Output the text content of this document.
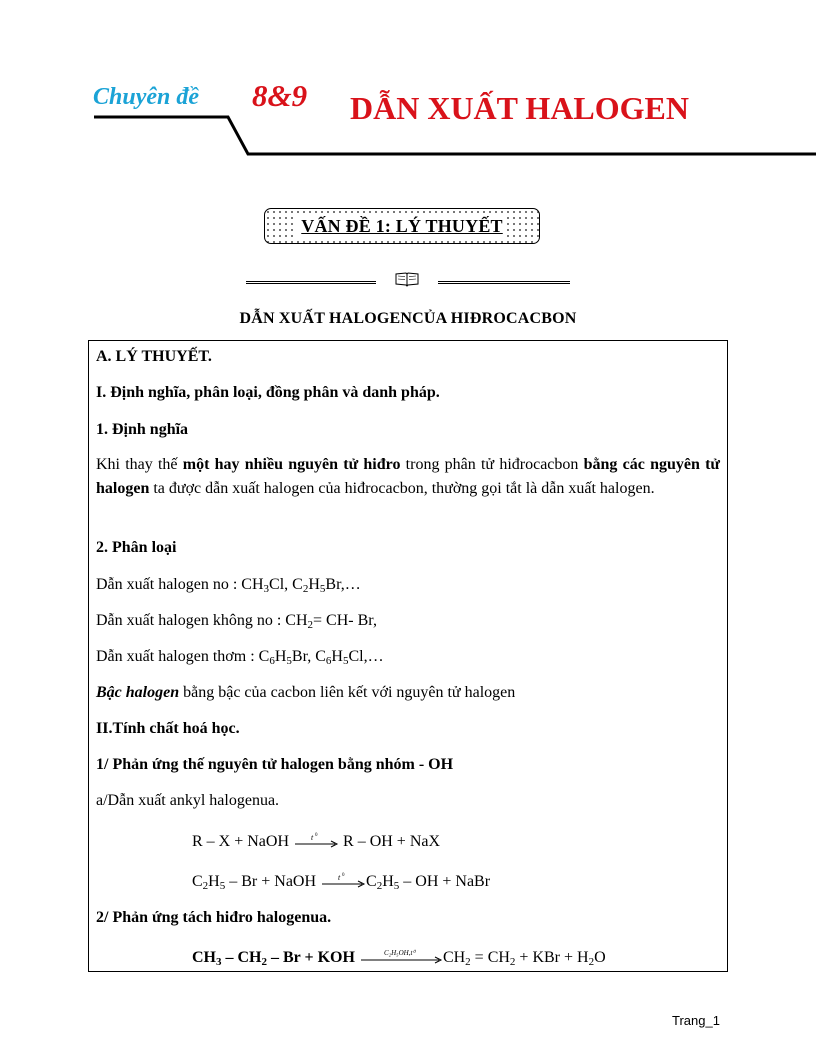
Chuyên đề 8&9 DẪN XUẤT HALOGEN
VẤN ĐỀ 1: LÝ THUYẾT
DẪN XUẤT HALOGENCỦA HIĐROCACBON
A. LÝ THUYẾT.
I. Định nghĩa, phân loại, đồng phân và danh pháp.
1. Định nghĩa
Khi thay thế một hay nhiều nguyên tử hiđro trong phân tử hiđrocacbon bằng các nguyên tử halogen ta được dẫn xuất halogen của hiđrocacbon, thường gọi tắt là dẫn xuất halogen.
2. Phân loại
Dẫn xuất halogen no : $CH_3Cl$, $C_2H_5Br,\dots$
Dẫn xuất halogen không no : $CH_2= CH-$ Br,
Dẫn xuất halogen thơm : $C_6H_5Br$, $C_6H_5Cl,\dots$
Bậc halogen bằng bậc của cacbon liên kết với nguyên tử halogen
II.Tính chất hoá học.
1/ Phản ứng thế nguyên tử halogen bằng nhóm - OH
a/Dẫn xuất ankyl halogenua.
R – X + NaOH	t 0 R – OH + NaX
$C_2H_5$ – Br + NaOH	t 0 $C_2H_5$ – OH + NaBr
2/ Phản ứng tách hiđro halogenua.
$CH_3 - CH_2$ – Br + KOH	C₂H₅OH,t⁰ $CH_2 = CH_2$ + KBr + $H_2O$
Trang_1
